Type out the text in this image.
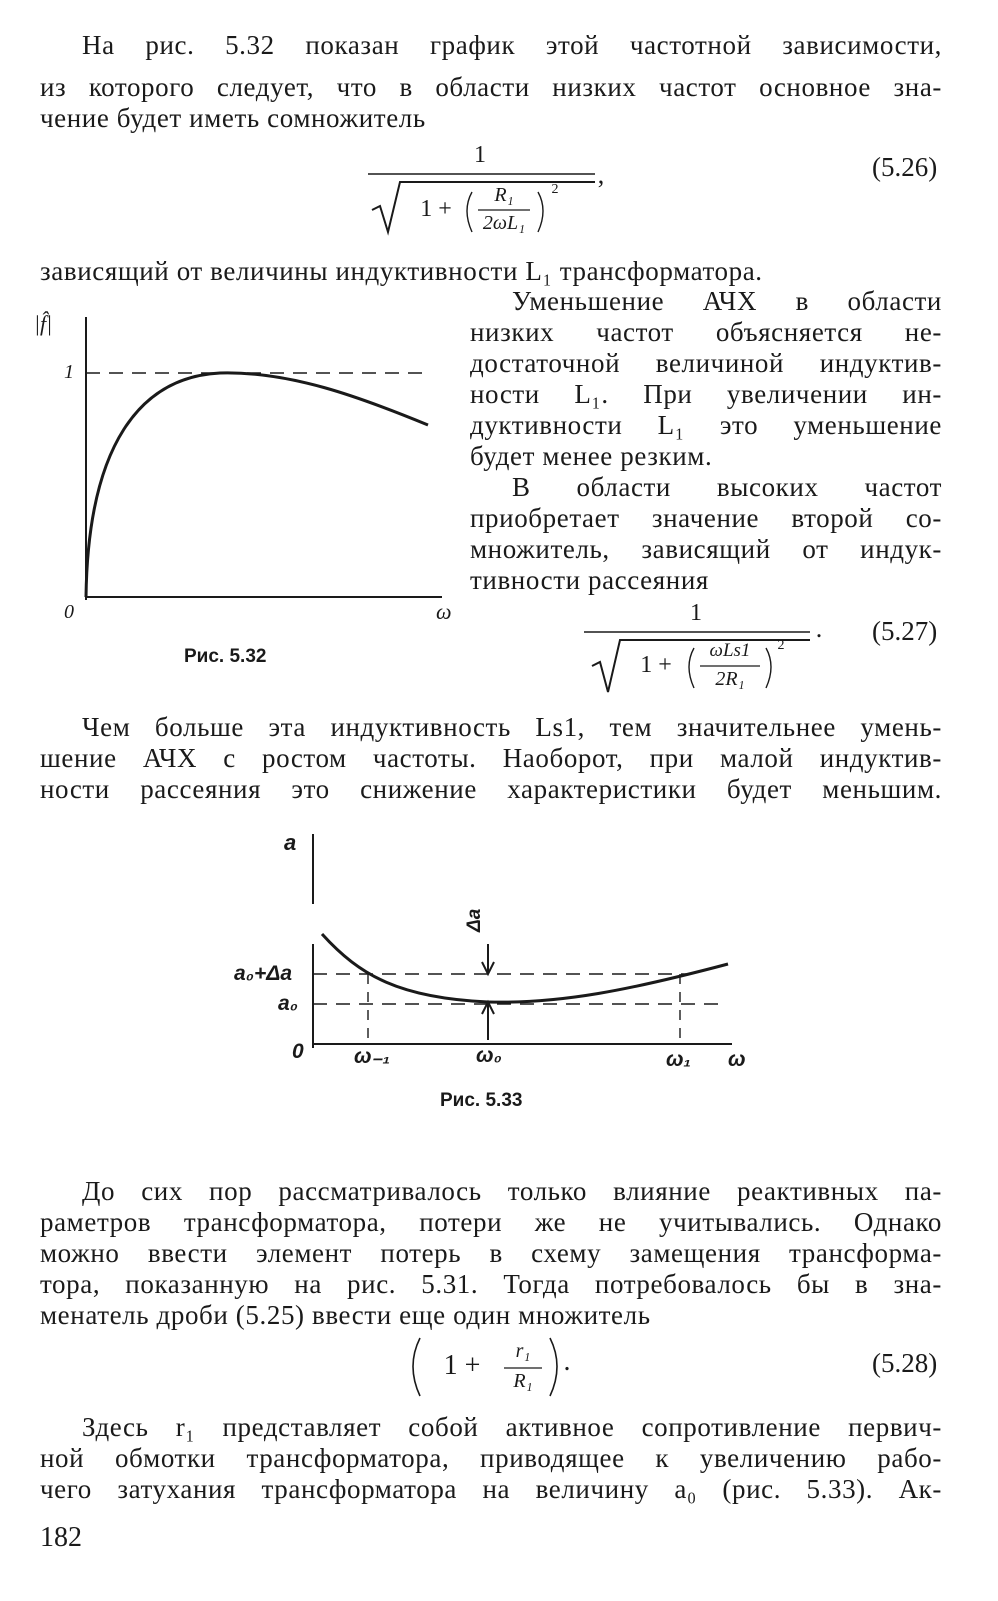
На рис. 5.32 показан график этой частотной зависимости,
из которого следует, что в области низких частот основное зна-
чение будет иметь сомножитель
1
1 +
R₁
2ωL₁
2
,	(5.26)
зависящий от величины индуктивности L₁ трансформатора.
Уменьшение АЧХ в области
низких частот объясняется не-
достаточной величиной индуктив-
ности L₁. При увеличении ин-
дуктивности L₁ это уменьшение
будет менее резким.
В области высоких частот
приобретает значение второй со-
множитель, зависящий от индук-
тивности рассеяния
|f̂|
1
0	ω
Рис. 5.32
1
1 +
ωLs1
2R₁
2
. (5.27)
Чем больше эта индуктивность Ls1, тем значительнее умень-
шение АЧХ с ростом частоты. Наоборот, при малой индуктив-
ности рассеяния это снижение характеристики будет меньшим.
a
a₀+Δa
a₀
0 ω₋₁	ω₀	ω₁ ω
Δa
Рис. 5.33
До сих пор рассматривалось только влияние реактивных па-
раметров трансформатора, потери же не учитывались. Однако
можно ввести элемент потерь в схему замещения трансформа-
тора, показанную на рис. 5.31. Тогда потребовалось бы в зна-
менатель дроби (5.25) ввести еще один множитель
1 +	r₁
R₁
.	(5.28)
Здесь r₁ представляет собой активное сопротивление первич-
ной обмотки трансформатора, приводящее к увеличению рабо-
чего затухания трансформатора на величину a₀ (рис. 5.33). Ак-
182
